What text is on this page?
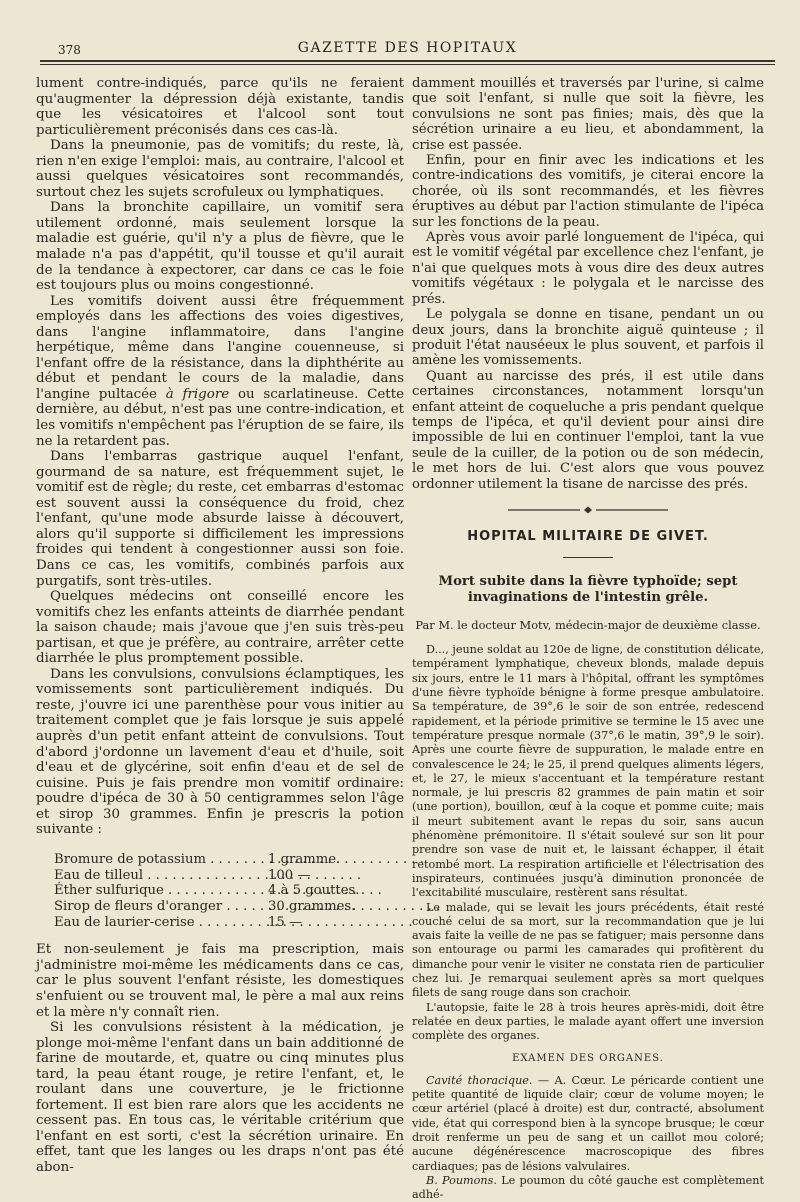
378	GAZETTE DES HOPITAUX

lument contre-indiqués, parce qu'ils ne feraient qu'augmenter la dépression déjà existante, tandis que les vésicatoires et l'alcool sont tout particulièrement préconisés dans ces cas-là.

Dans la pneumonie, pas de vomitifs; du reste, là, rien n'en exige l'emploi: mais, au contraire, l'alcool et aussi quelques vésicatoires sont recommandés, surtout chez les sujets scrofuleux ou lymphatiques.

Dans la bronchite capillaire, un vomitif sera utilement ordonné, mais seulement lorsque la maladie est guérie, qu'il n'y a plus de fièvre, que le malade n'a pas d'appétit, qu'il tousse et qu'il aurait de la tendance à expectorer, car dans ce cas le foie est toujours plus ou moins congestionné.

Les vomitifs doivent aussi être fréquemment employés dans les affections des voies digestives, dans l'angine inflammatoire, dans l'angine herpétique, même dans l'angine couenneuse, si l'enfant offre de la résistance, dans la diphthérite au début et pendant le cours de la maladie, dans l'angine pultacée à frigore ou scarlatineuse. Cette dernière, au début, n'est pas une contre-indication, et les vomitifs n'empêchent pas l'éruption de se faire, ils ne la retardent pas.

Dans l'embarras gastrique auquel l'enfant, gourmand de sa nature, est fréquemment sujet, le vomitif est de règle; du reste, cet embarras d'estomac est souvent aussi la conséquence du froid, chez l'enfant, qu'une mode absurde laisse à découvert, alors qu'il supporte si difficilement les impressions froides qui tendent à congestionner aussi son foie. Dans ce cas, les vomitifs, combinés parfois aux purgatifs, sont très-utiles.

Quelques médecins ont conseillé encore les vomitifs chez les enfants atteints de diarrhée pendant la saison chaude; mais j'avoue que j'en suis très-peu partisan, et que je préfère, au contraire, arrêter cette diarrhée le plus promptement possible.

Dans les convulsions, convulsions éclamptiques, les vomissements sont particulièrement indiqués. Du reste, j'ouvre ici une parenthèse pour vous initier au traitement complet que je fais lorsque je suis appelé auprès d'un petit enfant atteint de convulsions. Tout d'abord j'ordonne un lavement d'eau et d'huile, soit d'eau et de glycérine, soit enfin d'eau et de sel de cuisine. Puis je fais prendre mon vomitif ordinaire: poudre d'ipéca de 30 à 50 centigrammes selon l'âge et sirop 30 grammes. Enfin je prescris la potion suivante :

Bromure de potassium . . .	1 gramme.
Eau de tilleul . . .	100 —
Éther sulfurique . . .	4 à 5 gouttes.
Sirop de fleurs d'oranger . . .	30 grammes.
Eau de laurier-cerise . . .	15 —

Et non-seulement je fais ma prescription, mais j'administre moi-même les médicaments dans ce cas, car le plus souvent l'enfant résiste, les domestiques s'enfuient ou se trouvent mal, le père a mal aux reins et la mère n'y connaît rien.

Si les convulsions résistent à la médication, je plonge moi-même l'enfant dans un bain additionné de farine de moutarde, et, quatre ou cinq minutes plus tard, la peau étant rouge, je retire l'enfant, et, le roulant dans une couverture, je le frictionne fortement. Il est bien rare alors que les accidents ne cessent pas. En tous cas, le véritable critérium que l'enfant en est sorti, c'est la sécrétion urinaire. En effet, tant que les langes ou les draps n'ont pas été abon-

damment mouillés et traversés par l'urine, si calme que soit l'enfant, si nulle que soit la fièvre, les convulsions ne sont pas finies; mais, dès que la sécrétion urinaire a eu lieu, et abondamment, la crise est passée.

Enfin, pour en finir avec les indications et les contre-indications des vomitifs, je citerai encore la chorée, où ils sont recommandés, et les fièvres éruptives au début par l'action stimulante de l'ipéca sur les fonctions de la peau.

Après vous avoir parlé longuement de l'ipéca, qui est le vomitif végétal par excellence chez l'enfant, je n'ai que quelques mots à vous dire des deux autres vomitifs végétaux : le polygala et le narcisse des prés.

Le polygala se donne en tisane, pendant un ou deux jours, dans la bronchite aiguë quinteuse ; il produit l'état nauséeux le plus souvent, et parfois il amène les vomissements.

Quant au narcisse des prés, il est utile dans certaines circonstances, notamment lorsqu'un enfant atteint de coqueluche a pris pendant quelque temps de l'ipéca, et qu'il devient pour ainsi dire impossible de lui en continuer l'emploi, tant la vue seule de la cuiller, de la potion ou de son médecin, le met hors de lui. C'est alors que vous pouvez ordonner utilement la tisane de narcisse des prés.

HOPITAL MILITAIRE DE GIVET.
Mort subite dans la fièvre typhoïde; sept invaginations de l'intestin grêle.
Par M. le docteur Motv, médecin-major de deuxième classe.

D..., jeune soldat au 120e de ligne, de constitution délicate, tempérament lymphatique, cheveux blonds, malade depuis six jours, entre le 11 mars à l'hôpital, offrant les symptômes d'une fièvre typhoïde bénigne à forme presque ambulatoire. Sa température, de 39°,6 le soir de son entrée, redescend rapidement, et la période primitive se termine le 15 avec une température presque normale (37°,6 le matin, 39°,9 le soir). Après une courte fièvre de suppuration, le malade entre en convalescence le 24; le 25, il prend quelques aliments légers, et, le 27, le mieux s'accentuant et la température restant normale, je lui prescris 82 grammes de pain matin et soir (une portion), bouillon, œuf à la coque et pomme cuite; mais il meurt subitement avant le repas du soir, sans aucun phénomène prémonitoire. Il s'était soulevé sur son lit pour prendre son vase de nuit et, le laissant échapper, il était retombé mort. La respiration artificielle et l'électrisation des inspirateurs, continuées jusqu'à diminution prononcée de l'excitabilité musculaire, restèrent sans résultat.

Le malade, qui se levait les jours précédents, était resté couché celui de sa mort, sur la recommandation que je lui avais faite la veille de ne pas se fatiguer; mais personne dans son entourage ou parmi les camarades qui profitèrent du dimanche pour venir le visiter ne constata rien de particulier chez lui. Je remarquai seulement après sa mort quelques filets de sang rouge dans son crachoir.

L'autopsie, faite le 28 à trois heures après-midi, doit être relatée en deux parties, le malade ayant offert une inversion complète des organes.

EXAMEN DES ORGANES.

Cavité thoracique. — A. Cœur. Le péricarde contient une petite quantité de liquide clair; cœur de volume moyen; le cœur artériel (placé à droite) est dur, contracté, absolument vide, état qui correspond bien à la syncope brusque; le cœur droit renferme un peu de sang et un caillot mou coloré; aucune dégénérescence macroscopique des fibres cardiaques; pas de lésions valvulaires.

B. Poumons. Le poumon du côté gauche est complètement adhé-
